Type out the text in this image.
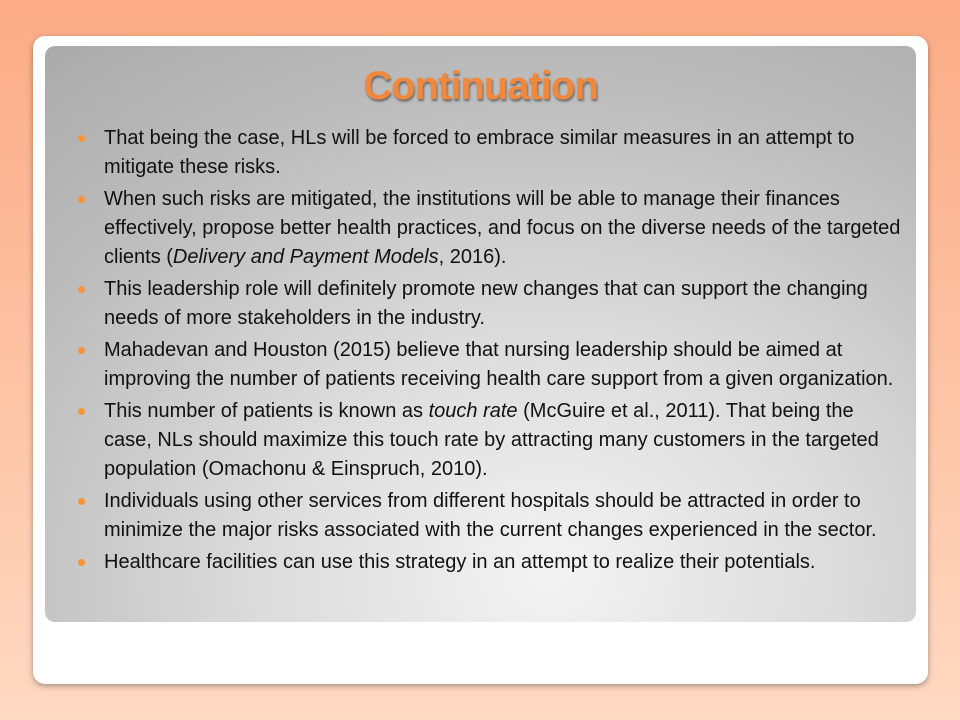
Continuation
That being the case, HLs will be forced to embrace similar measures in an attempt to mitigate these risks.
When such risks are mitigated, the institutions will be able to manage their finances effectively, propose better health practices, and focus on the diverse needs of the targeted clients (Delivery and Payment Models, 2016).
This leadership role will definitely promote new changes that can support the changing needs of more stakeholders in the industry.
Mahadevan and Houston (2015) believe that nursing leadership should be aimed at improving the number of patients receiving health care support from a given organization.
This number of patients is known as touch rate (McGuire et al., 2011). That being the case, NLs should maximize this touch rate by attracting many customers in the targeted population (Omachonu & Einspruch, 2010).
Individuals using other services from different hospitals should be attracted in order to minimize the major risks associated with the current changes experienced in the sector.
Healthcare facilities can use this strategy in an attempt to realize their potentials.
